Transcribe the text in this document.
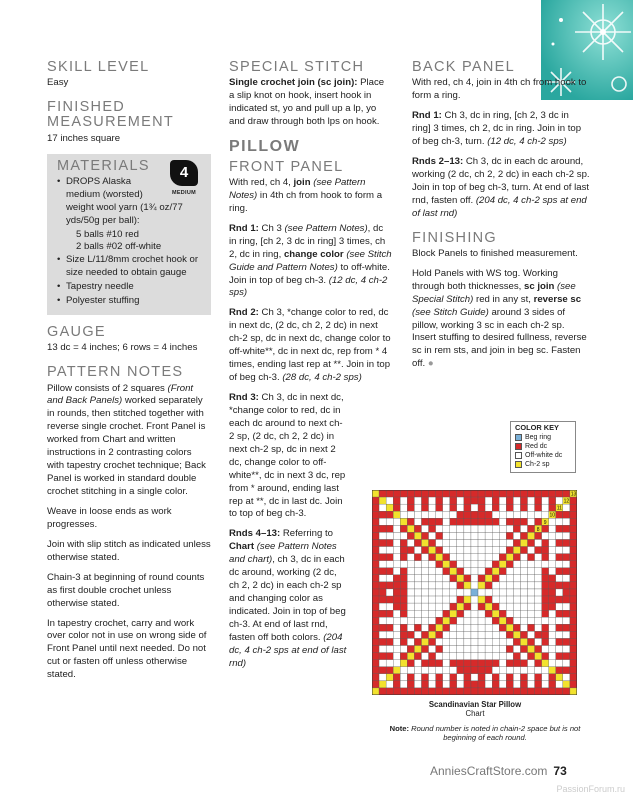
SKILL LEVEL

Easy

FINISHED
MEASUREMENT

17 inches square

4
MEDIUM
MATERIALS
• DROPS Alaska
medium (worsted)
weight wool yarn (1¾ oz/77
yds/50g per ball):
5 balls #10 red
2 balls #02 off-white
• Size L/11/8mm crochet hook or size needed to obtain gauge
• Tapestry needle
• Polyester stuffing
GAUGE

13 dc = 4 inches; 6 rows = 4 inches

PATTERN NOTES

Pillow consists of 2 squares (Front and Back Panels) worked separately in rounds, then stitched together with reverse single crochet. Front Panel is worked from Chart and written instructions in 2 contrasting colors with tapestry crochet technique; Back Panel is worked in standard double crochet stitching in a single color.

Weave in loose ends as work progresses.

Join with slip stitch as indicated unless otherwise stated.

Chain-3 at beginning of round counts as first double crochet unless otherwise stated.

In tapestry crochet, carry and work over color not in use on wrong side of Front Panel until next needed. Do not cut or fasten off unless otherwise stated.

SPECIAL STITCH

Single crochet join (sc join): Place a slip knot on hook, insert hook in indicated st, yo and pull up a lp, yo and draw through both lps on hook.

PILLOW
FRONT PANEL

With red, ch 4, join (see Pattern Notes) in 4th ch from hook to form a ring.

Rnd 1: Ch 3 (see Pattern Notes), dc in ring, [ch 2, 3 dc in ring] 3 times, ch 2, dc in ring, change color (see Stitch Guide and Pattern Notes) to off-white. Join in top of beg ch-3. (12 dc, 4 ch-2 sps)

Rnd 2: Ch 3, *change color to red, dc in next dc, (2 dc, ch 2, 2 dc) in next ch-2 sp, dc in next dc, change color to off-white**, dc in next dc, rep from * 4 times, ending last rep at **. Join in top of beg ch-3. (28 dc, 4 ch-2 sps)

Rnd 3: Ch 3, dc in next dc, *change color to red, dc in each dc around to next ch-2 sp, (2 dc, ch 2, 2 dc) in next ch-2 sp, dc in next 2 dc, change color to off-white**, dc in next 3 dc, rep from * around, ending last rep at **, dc in last dc. Join to top of beg ch-3.

Rnds 4–13: Referring to Chart (see Pattern Notes and chart), ch 3, dc in each dc around, working (2 dc, ch 2, 2 dc) in each ch-2 sp and changing color as indicated. Join in top of beg ch-3. At end of last rnd, fasten off both colors. (204 dc, 4 ch-2 sps at end of last rnd)

BACK PANEL

With red, ch 4, join in 4th ch from hook to form a ring.

Rnd 1: Ch 3, dc in ring, [ch 2, 3 dc in ring] 3 times, ch 2, dc in ring. Join in top of beg ch-3, turn. (12 dc, 4 ch-2 sps)

Rnds 2–13: Ch 3, dc in each dc around, working (2 dc, ch 2, 2 dc) in each ch-2 sp. Join in top of beg ch-3, turn. At end of last rnd, fasten off. (204 dc, 4 ch-2 sps at end of last rnd)

FINISHING

Block Panels to finished measurement.

Hold Panels with WS tog. Working through both thicknesses, sc join (see Special Stitch) red in any st, reverse sc (see Stitch Guide) around 3 sides of pillow, working 3 sc in each ch-2 sp. Insert stuffing to desired fullness, reverse sc in rem sts, and join in beg sc. Fasten off. ●

COLOR KEY
Beg ring
Red dc
Off-white dc
Ch-2 sp
13
12
11
10
9
8
Scandinavian Star Pillow
Chart
Note: Round number is noted in chain-2 space but is not beginning of each round.
AnniesCraftStore.com 73
PassionForum.ru
